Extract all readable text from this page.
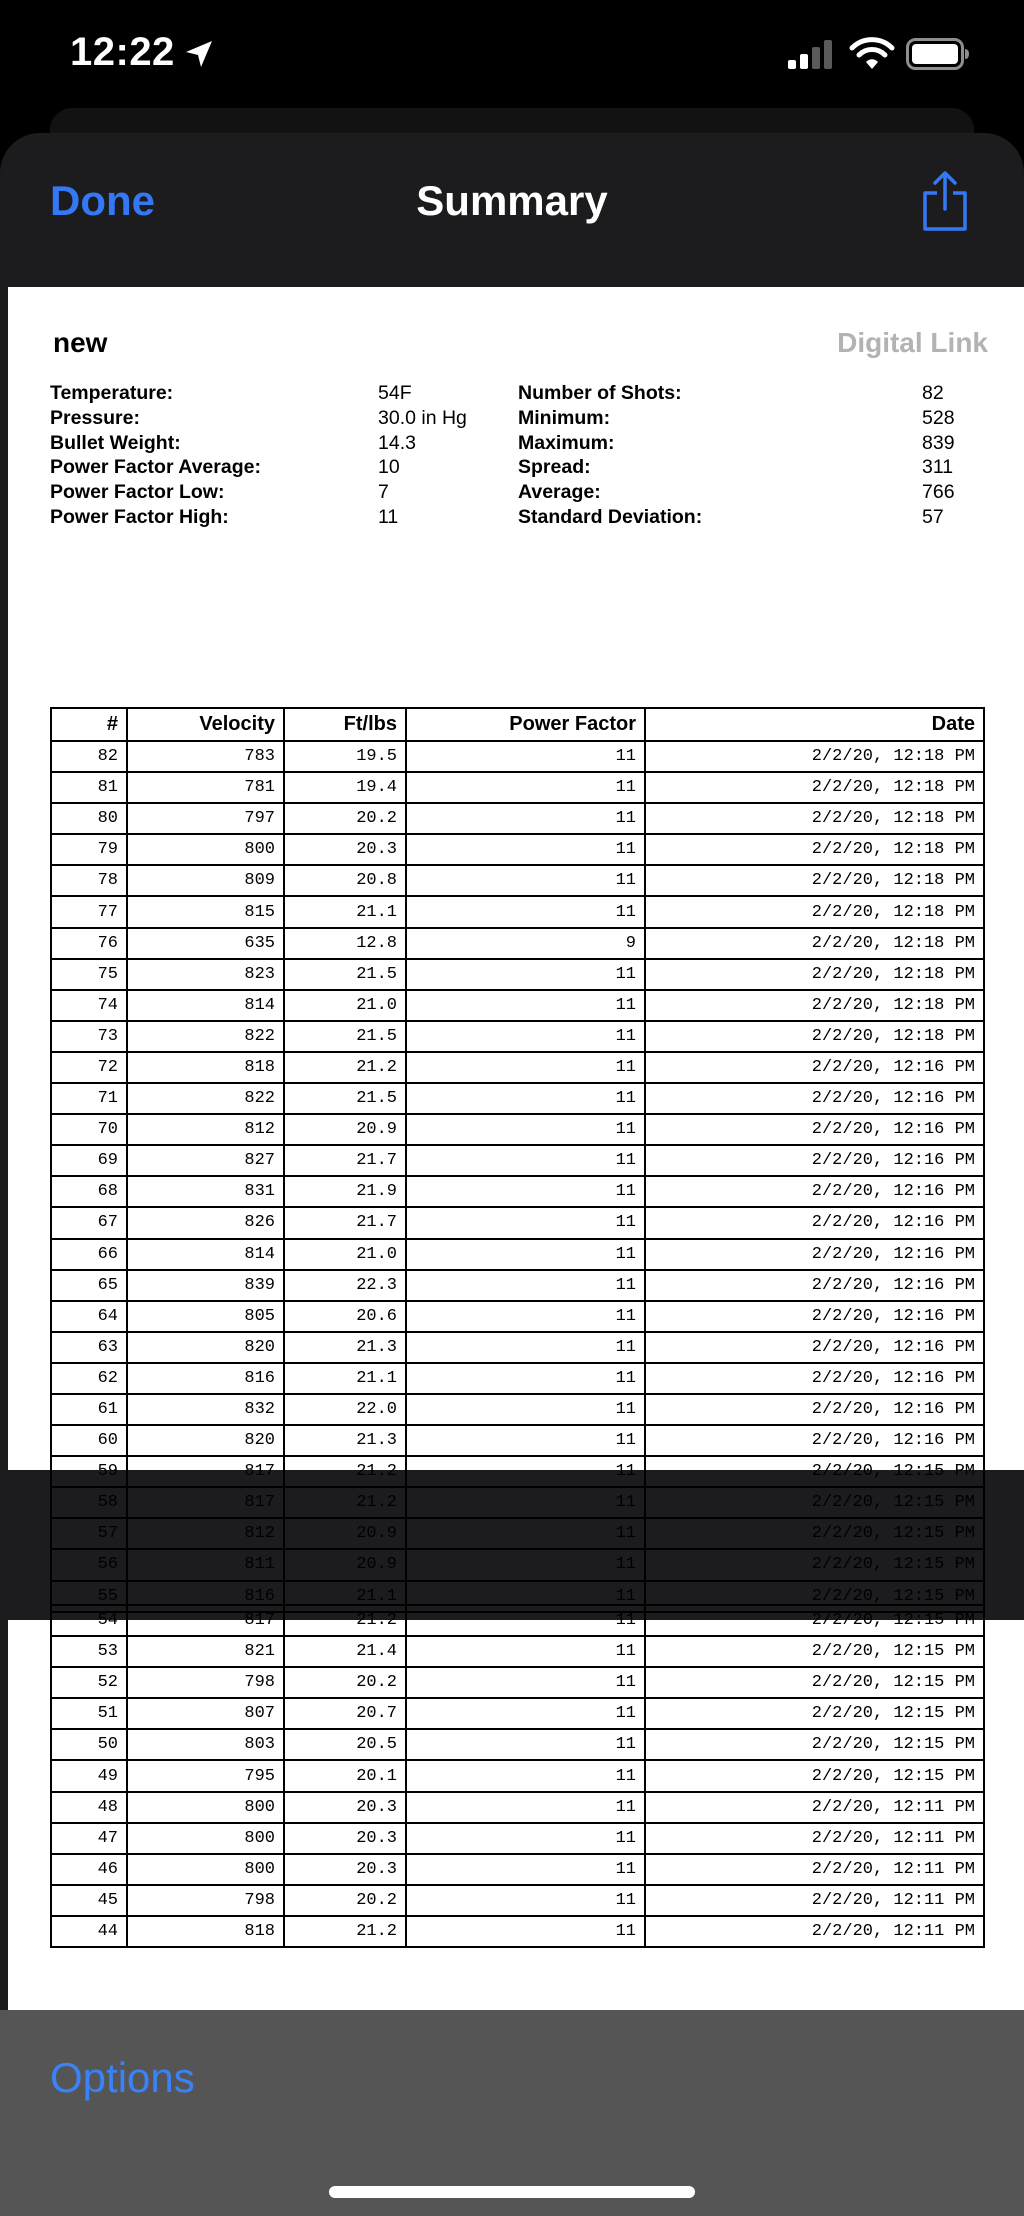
12:22
Done	Summary
new	Digital Link
Temperature:	54F	Number of Shots:	82
Pressure:	30.0 in Hg	Minimum:	528
Bullet Weight:	14.3	Maximum:	839
Power Factor Average:	10	Spread:	311
Power Factor Low:	7	Average:	766
Power Factor High:	11	Standard Deviation:	57
#	Velocity	Ft/lbs	Power Factor	Date
82	783	19.5	11	2/2/20, 12:18 PM
81	781	19.4	11	2/2/20, 12:18 PM
80	797	20.2	11	2/2/20, 12:18 PM
79	800	20.3	11	2/2/20, 12:18 PM
78	809	20.8	11	2/2/20, 12:18 PM
77	815	21.1	11	2/2/20, 12:18 PM
76	635	12.8	9	2/2/20, 12:18 PM
75	823	21.5	11	2/2/20, 12:18 PM
74	814	21.0	11	2/2/20, 12:18 PM
73	822	21.5	11	2/2/20, 12:18 PM
72	818	21.2	11	2/2/20, 12:16 PM
71	822	21.5	11	2/2/20, 12:16 PM
70	812	20.9	11	2/2/20, 12:16 PM
69	827	21.7	11	2/2/20, 12:16 PM
68	831	21.9	11	2/2/20, 12:16 PM
67	826	21.7	11	2/2/20, 12:16 PM
66	814	21.0	11	2/2/20, 12:16 PM
65	839	22.3	11	2/2/20, 12:16 PM
64	805	20.6	11	2/2/20, 12:16 PM
63	820	21.3	11	2/2/20, 12:16 PM
62	816	21.1	11	2/2/20, 12:16 PM
61	832	22.0	11	2/2/20, 12:16 PM
60	820	21.3	11	2/2/20, 12:16 PM
59	817	21.2	11	2/2/20, 12:15 PM
58	817	21.2	11	2/2/20, 12:15 PM
57	812	20.9	11	2/2/20, 12:15 PM
56	811	20.9	11	2/2/20, 12:15 PM
55	816	21.1	11	2/2/20, 12:15 PM
54	817	21.2	11	2/2/20, 12:15 PM
53	821	21.4	11	2/2/20, 12:15 PM
52	798	20.2	11	2/2/20, 12:15 PM
51	807	20.7	11	2/2/20, 12:15 PM
50	803	20.5	11	2/2/20, 12:15 PM
49	795	20.1	11	2/2/20, 12:15 PM
48	800	20.3	11	2/2/20, 12:11 PM
47	800	20.3	11	2/2/20, 12:11 PM
46	800	20.3	11	2/2/20, 12:11 PM
45	798	20.2	11	2/2/20, 12:11 PM
44	818	21.2	11	2/2/20, 12:11 PM
Options
